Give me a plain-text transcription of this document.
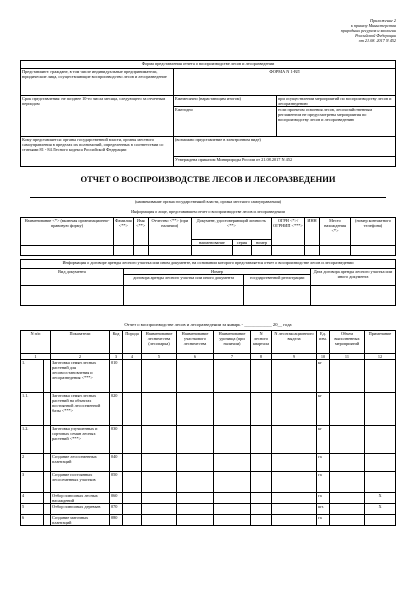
Приложение 2
к приказу Министерства
природных ресурсов и экологии
Российской Федерации
от 21.08. 2017 N 452
Форма представления отчета о воспроизводстве лесов и лесоразведении		
Представляют: граждане, в том числе индивидуальные предприниматели, юридические лица, осуществляющие воспроизводство лесов и лесоразведение	ФОРМА N 1-ВЛ	
Срок представления: не позднее 10-го числа месяца, следующего за отчетным периодом	Ежемесячно (нарастающим итогом)	при осуществлении мероприятий по воспроизводству лесов и лесоразведению
	Ежегодно	если проектом освоения лесов, лесохозяйственным регламентом не предусмотрены мероприятия по воспроизводству лесов и лесоразведению
Кому представляется: органы государственной власти, органы местного самоуправления в пределах их полномочий, определенных в соответствии со статьями 81 - 84 Лесного кодекса Российской Федерации	(возможно представление в электронном виде)	
	Утверждена приказом Минприроды России от 21.08.2017 N 452	
ОТЧЕТ О ВОСПРОИЗВОДСТВЕ ЛЕСОВ И ЛЕСОРАЗВЕДЕНИИ
(наименование органа государственной власти, органа местного самоуправления)
Информация о лице, представившем отчет о воспроизводстве лесов и лесоразведении
Наименование <*> (включая организационно-правовую форму)	Фамилия <**>	Имя <**>	Отчество <**> (при наличии)	Документ, удостоверяющий личность <**>			ОГРН <*>/ОГРНИП <***>	ИНН	Место нахождения <*>	(номер контактного телефона)
				наименование	серия	номер				

Информация о договоре аренды лесного участка или ином документе, на основании которого представляется отчет о воспроизводстве лесов и лесоразведении			
Вид документа	Номер		Дата договора аренды лесного участка или иного документа
	договора аренды лесного участка или иного документа	государственной регистрации	

Отчет о воспроизводстве лесов и лесоразведении за январь - ____________ 20__ года
N п/п		Показатели	Код	Порода	Наименование лесничества (лесопарка)	Наименование участкового лесничества	Наименование урочища (при наличии)	N лесного квартала	N лесотаксационного выдела	Ед. изм.	Объем выполненных мероприятий	Примечание
1		2	3	4	5	6	7	8	9	10	11	12
1.		Заготовка семян лесных растений для лесовосстановления и лесоразведения <***>	010							кг		
1.1.		Заготовка семян лесных растений на объектах постоянной лесосеменной базы <***>	020							кг		
1.2.		Заготовка улучшенных и сортовых семян лесных растений <***>	030							кг		
2		Создание лесосеменных плантаций	040							га		
3		Создание постоянных лесосеменных участков	050							га		
4		Отбор плюсовых лесных насаждений	060							га		X
5		Отбор плюсовых деревьев	070							шт.		X
6		Создание маточных плантаций	080							га		
